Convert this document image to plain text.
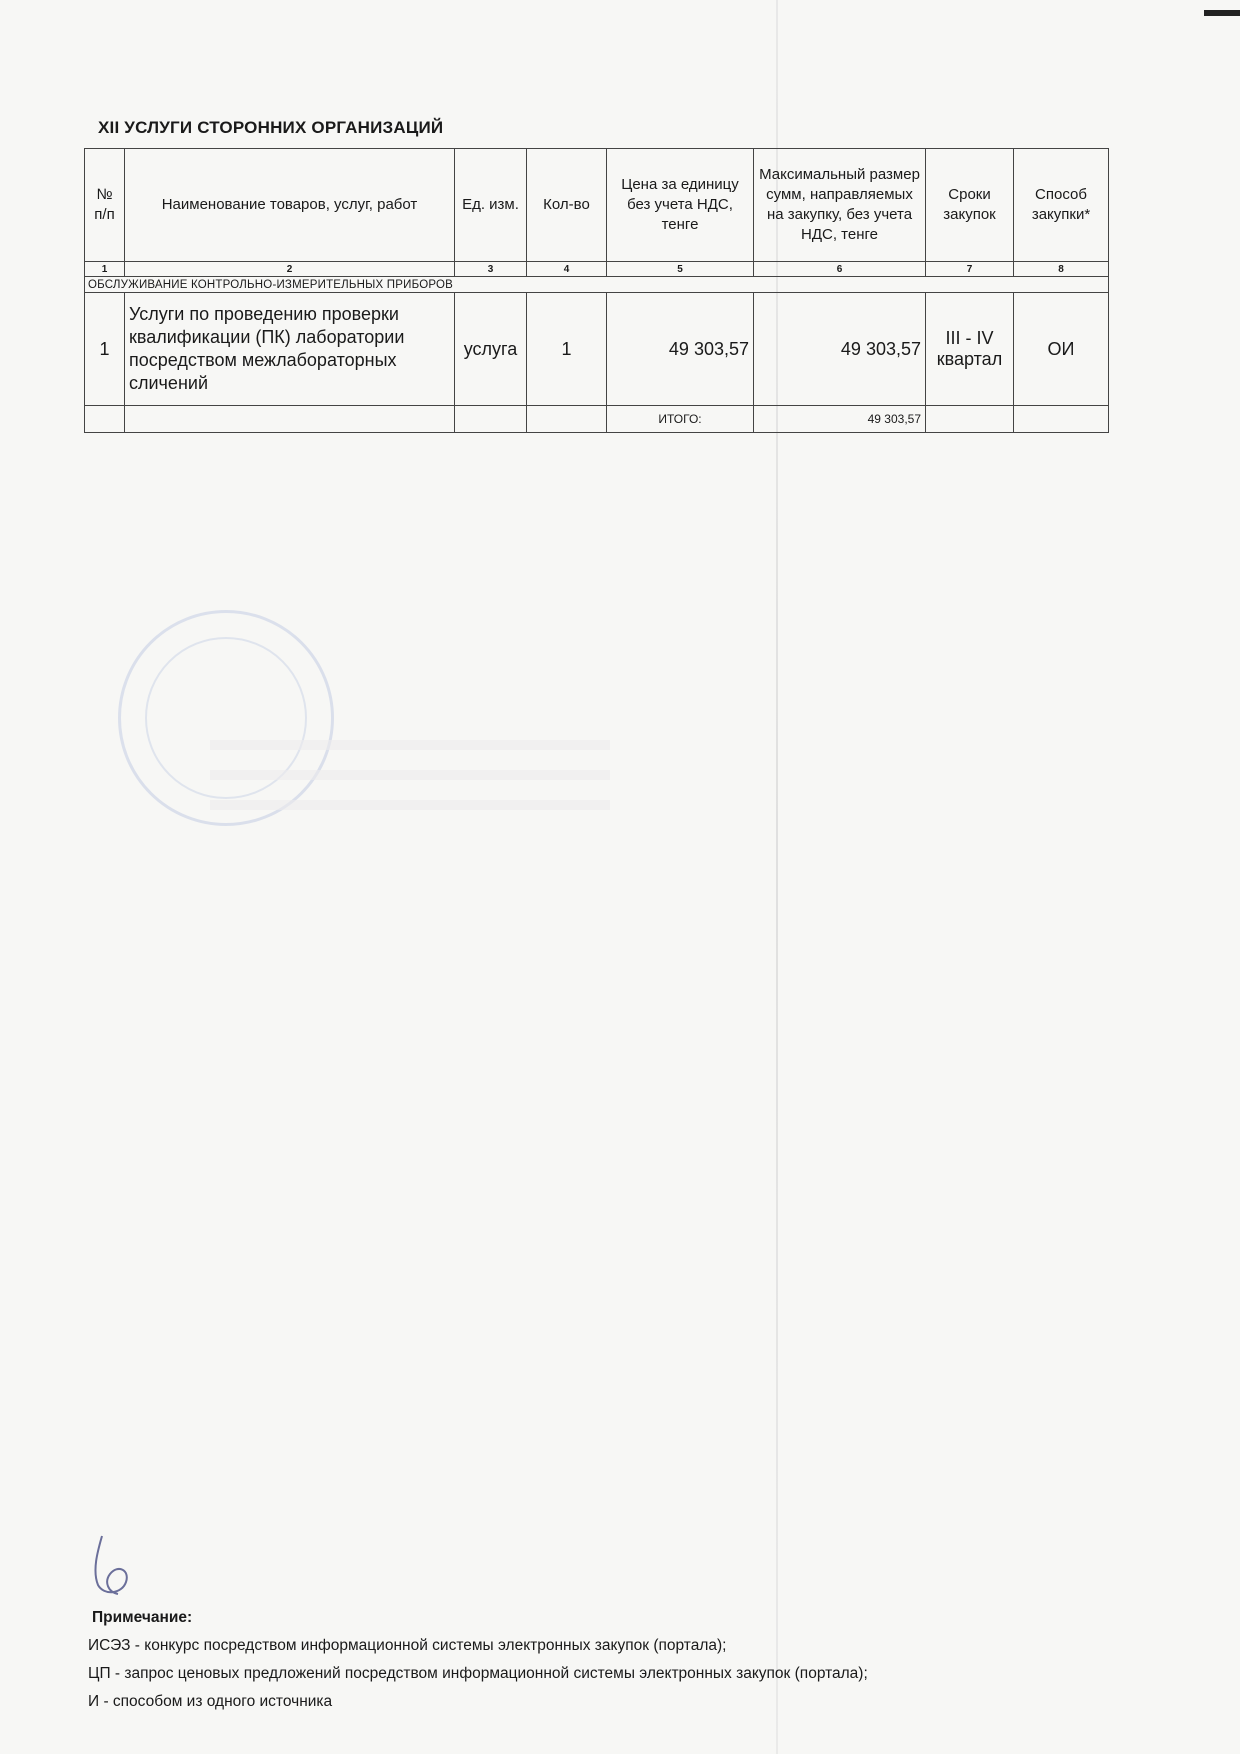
XII УСЛУГИ СТОРОННИХ ОРГАНИЗАЦИЙ
№ п/п	Наименование товаров, услуг, работ	Ед. изм.	Кол-во	Цена за единицу без учета НДС, тенге	Максимальный размер сумм, направляемых на закупку, без учета НДС, тенге	Сроки закупок	Способ закупки*
1	2	3	4	5	6	7	8
ОБСЛУЖИВАНИЕ КОНТРОЛЬНО-ИЗМЕРИТЕЛЬНЫХ ПРИБОРОВ							
1	Услуги по проведению проверки квалификации (ПК) лаборатории посредством межлабораторных сличений	услуга	1	49 303,57	49 303,57	III - IV квартал	ОИ
				ИТОГО:	49 303,57		
Примечание:
ИСЭЗ - конкурс посредством информационной системы электронных закупок (портала);
ЦП - запрос ценовых предложений посредством информационной системы электронных закупок (портала);
И - способом из одного источника
